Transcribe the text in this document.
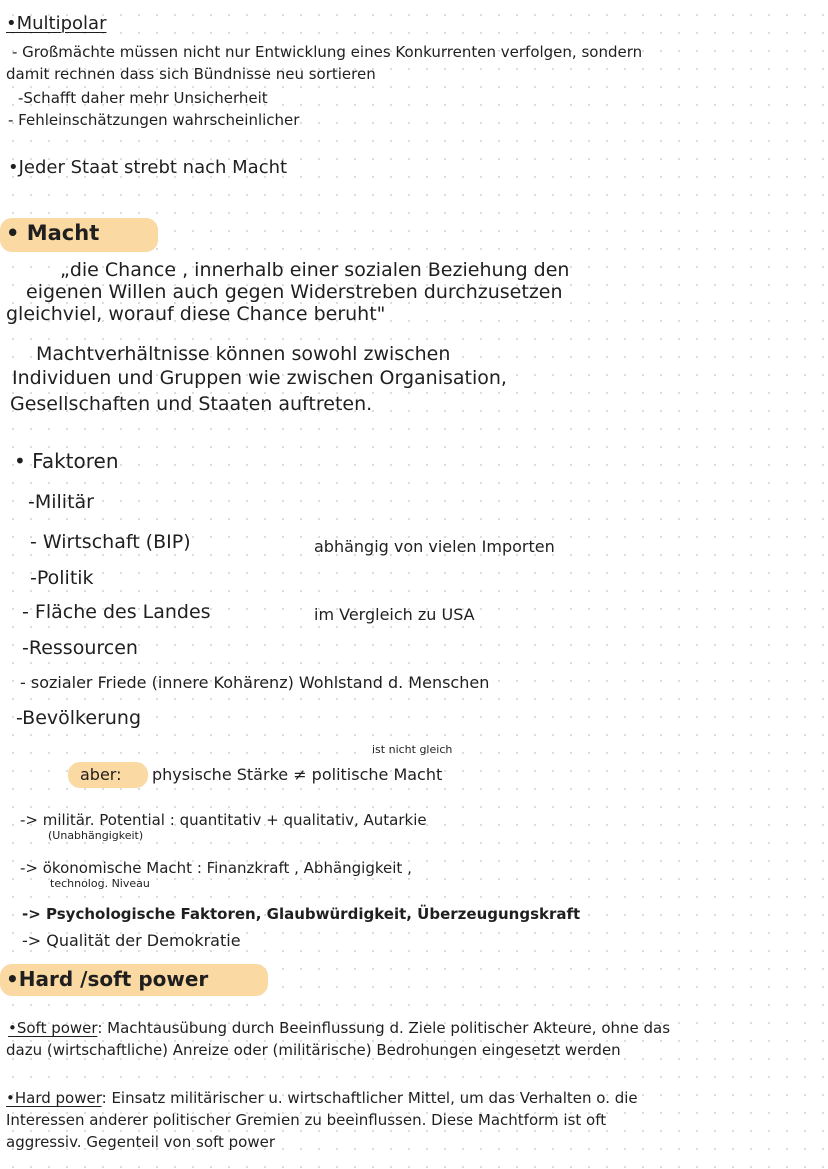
•Multipolar
- Großmächte müssen nicht nur Entwicklung eines Konkurrenten verfolgen, sondern
damit rechnen dass sich Bündnisse neu sortieren
-Schafft daher mehr Unsicherheit
- Fehleinschätzungen wahrscheinlicher
•Jeder Staat strebt nach Macht
• Macht
„die Chance , innerhalb einer sozialen Beziehung den
eigenen Willen auch gegen Widerstreben durchzusetzen
gleichviel, worauf diese Chance beruht"
Machtverhältnisse können sowohl zwischen
Individuen und Gruppen wie zwischen Organisation,
Gesellschaften und Staaten auftreten.
• Faktoren
-Militär
- Wirtschaft (BIP)	abhängig von vielen Importen
-Politik
- Fläche des Landes	im Vergleich zu USA
-Ressourcen
- sozialer Friede (innere Kohärenz) Wohlstand d. Menschen
-Bevölkerung
aber: physische Stärke ≠ politische Macht
ist nicht gleich
-> militär. Potential : quantitativ + qualitativ, Autarkie
(Unabhängigkeit)
-> ökonomische Macht : Finanzkraft , Abhängigkeit ,
technolog. Niveau
-> Psychologische Faktoren, Glaubwürdigkeit, Überzeugungskraft
-> Qualität der Demokratie
•Hard /soft power
•Soft power: Machtausübung durch Beeinflussung d. Ziele politischer Akteure, ohne das
dazu (wirtschaftliche) Anreize oder (militärische) Bedrohungen eingesetzt werden
•Hard power: Einsatz militärischer u. wirtschaftlicher Mittel, um das Verhalten o. die
Interessen anderer politischer Gremien zu beeinflussen. Diese Machtform ist oft
aggressiv. Gegenteil von soft power
